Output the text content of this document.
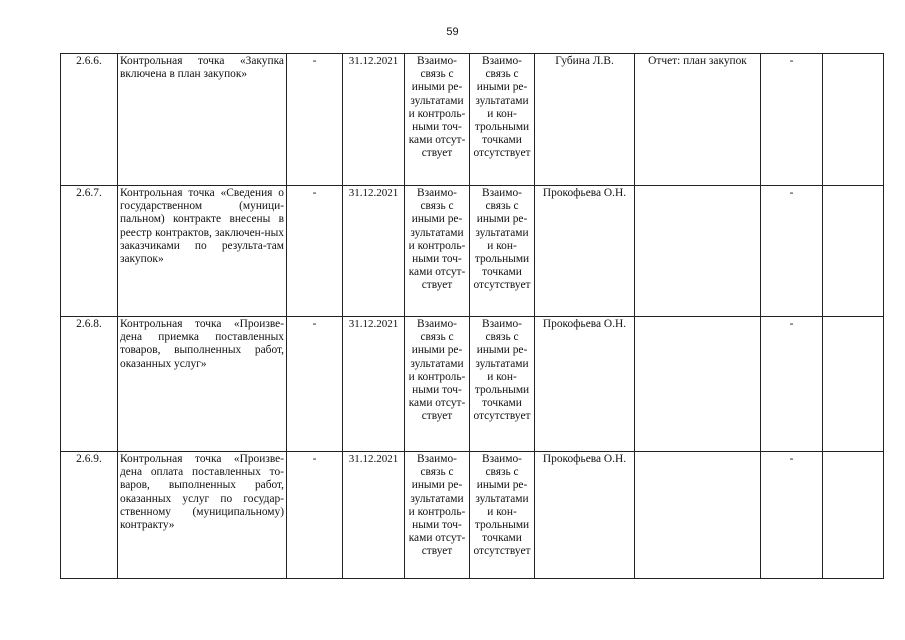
59
2.6.6.	Контрольная точка «Закупка включена в план закупок»	-	31.12.2021	Взаимо-связь с иными ре-зультатами и контроль-ными точ-ками отсут-ствует	Взаимо-связь с иными ре-зультатами и кон-трольными точками отсутствует	Губина Л.В.	Отчет: план закупок	-	
2.6.7.	Контрольная точка «Сведения о государственном (муници-пальном) контракте внесены в реестр контрактов, заключен-ных заказчиками по результа-там закупок»	-	31.12.2021	Взаимо-связь с иными ре-зультатами и контроль-ными точ-ками отсут-ствует	Взаимо-связь с иными ре-зультатами и кон-трольными точками отсутствует	Прокофьева О.Н.		-	
2.6.8.	Контрольная точка «Произве-дена приемка поставленных товаров, выполненных работ, оказанных услуг»	-	31.12.2021	Взаимо-связь с иными ре-зультатами и контроль-ными точ-ками отсут-ствует	Взаимо-связь с иными ре-зультатами и кон-трольными точками отсутствует	Прокофьева О.Н.		-	
2.6.9.	Контрольная точка «Произве-дена оплата поставленных то-варов, выполненных работ, оказанных услуг по государ-ственному (муниципальному) контракту»	-	31.12.2021	Взаимо-связь с иными ре-зультатами и контроль-ными точ-ками отсут-ствует	Взаимо-связь с иными ре-зультатами и кон-трольными точками отсутствует	Прокофьева О.Н.		-	
